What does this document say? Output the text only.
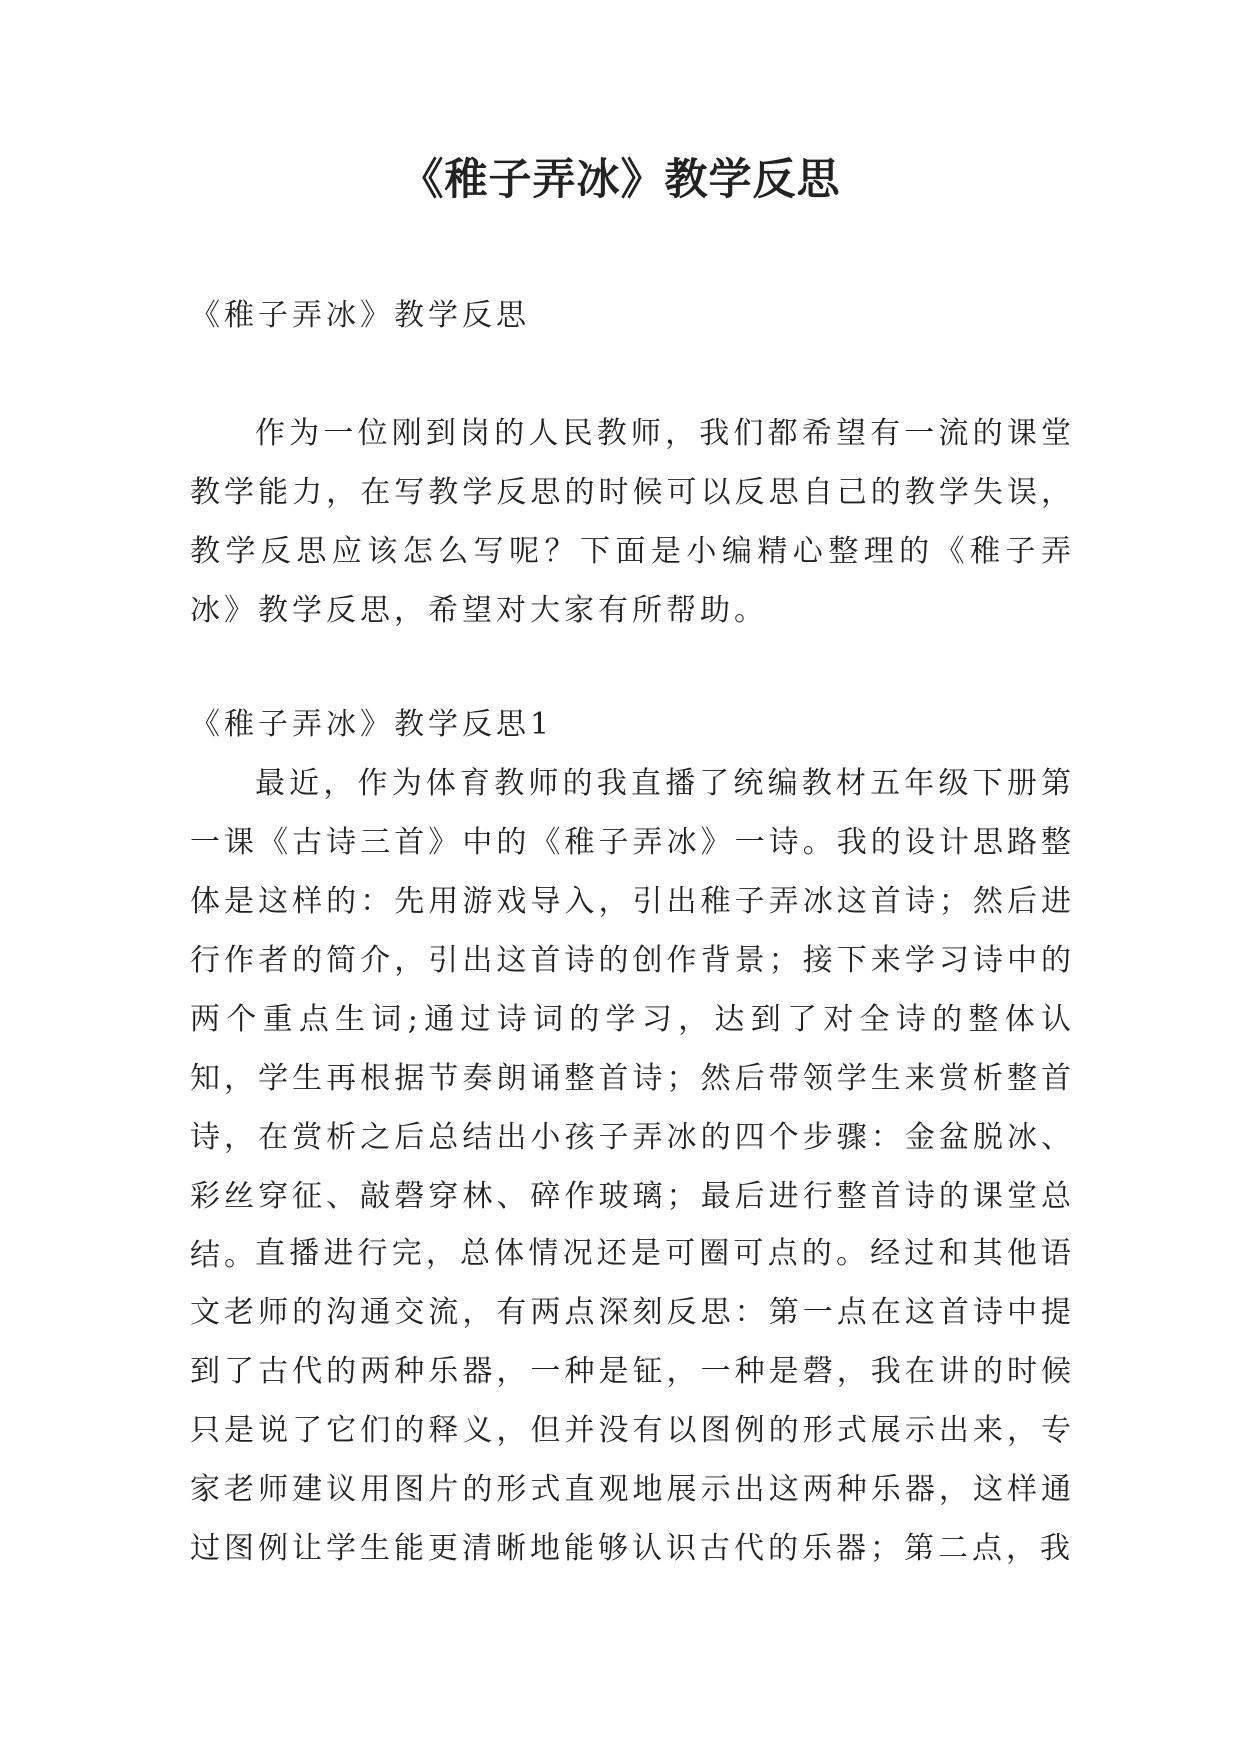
《稚子弄冰》教学反思

《稚子弄冰》教学反思

作为一位刚到岗的人民教师，我们都希望有一流的课堂教学能力，在写教学反思的时候可以反思自己的教学失误，教学反思应该怎么写呢？下面是小编精心整理的《稚子弄冰》教学反思，希望对大家有所帮助。

《稚子弄冰》教学反思1

最近，作为体育教师的我直播了统编教材五年级下册第一课《古诗三首》中的《稚子弄冰》一诗。我的设计思路整体是这样的：先用游戏导入，引出稚子弄冰这首诗；然后进行作者的简介，引出这首诗的创作背景；接下来学习诗中的两个重点生词;通过诗词的学习，达到了对全诗的整体认知，学生再根据节奏朗诵整首诗；然后带领学生来赏析整首诗，在赏析之后总结出小孩子弄冰的四个步骤：金盆脱冰、彩丝穿征、敲磬穿林、碎作玻璃；最后进行整首诗的课堂总结。

直播进行完，总体情况还是可圈可点的。经过和其他语文老师的沟通交流，有两点深刻反思：第一点在这首诗中提到了古代的两种乐器，一种是钲，一种是磬，我在讲的时候只是说了它们的释义，但并没有以图例的形式展示出来，专家老师建议用图片的形式直观地展示出这两种乐器，这样通过图例让学生能更清晰地能够认识古代的乐器；第二点，我
